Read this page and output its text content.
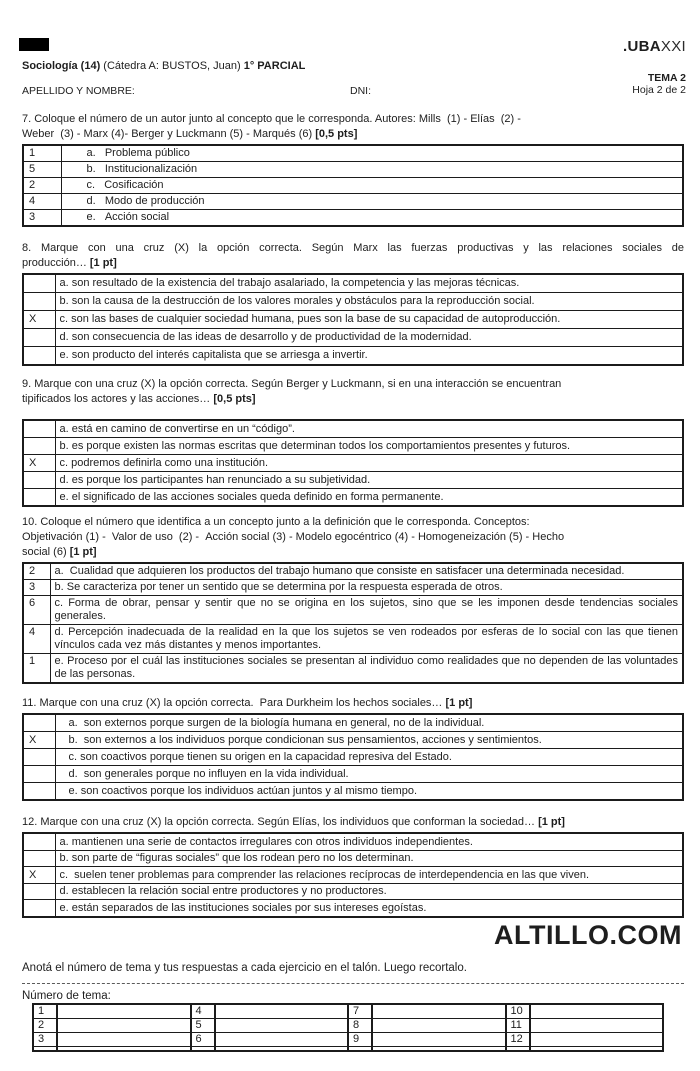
.UBAXXI
Sociología (14) (Cátedra A: BUSTOS, Juan) 1° PARCIAL
TEMA 2
Hoja 2 de 2
APELLIDO Y NOMBRE:	DNI:
7. Coloque el número de un autor junto al concepto que le corresponda. Autores: Mills  (1) - Elías  (2) -
Weber  (3) - Marx (4)- Berger y Luckmann (5) - Marqués (6) [0,5 pts]
1	a.   Problema público
5	b.   Institucionalización
2	c.   Cosificación
4	d.   Modo de producción
3	e.   Acción social
8. Marque con una cruz (X) la opción correcta. Según Marx las fuerzas productivas y las relaciones sociales de
producción… [1 pt]
	a. son resultado de la existencia del trabajo asalariado, la competencia y las mejoras técnicas.
	b. son la causa de la destrucción de los valores morales y obstáculos para la reproducción social.
X	c. son las bases de cualquier sociedad humana, pues son la base de su capacidad de autoproducción.
	d. son consecuencia de las ideas de desarrollo y de productividad de la modernidad.
	e. son producto del interés capitalista que se arriesga a invertir.
9. Marque con una cruz (X) la opción correcta. Según Berger y Luckmann, si en una interacción se encuentran
tipificados los actores y las acciones… [0,5 pts]
	a. está en camino de convertirse en un “código”.
	b. es porque existen las normas escritas que determinan todos los comportamientos presentes y futuros.
X	c. podremos definirla como una institución.
	d. es porque los participantes han renunciado a su subjetividad.
	e. el significado de las acciones sociales queda definido en forma permanente.
10. Coloque el número que identifica a un concepto junto a la definición que le corresponda. Conceptos:
Objetivación (1) -  Valor de uso  (2) -  Acción social (3) - Modelo egocéntrico (4) - Homogeneización (5) - Hecho
social (6) [1 pt]
2	a.  Cualidad que adquieren los productos del trabajo humano que consiste en satisfacer una determinada necesidad.
3	b. Se caracteriza por tener un sentido que se determina por la respuesta esperada de otros.
6	c. Forma de obrar, pensar y sentir que no se origina en los sujetos, sino que se les imponen desde tendencias sociales generales.
4	d. Percepción inadecuada de la realidad en la que los sujetos se ven rodeados por esferas de lo social con las que tienen vínculos cada vez más distantes y menos importantes.
1	e. Proceso por el cuál las instituciones sociales se presentan al individuo como realidades que no dependen de las voluntades de las personas.
11. Marque con una cruz (X) la opción correcta.  Para Durkheim los hechos sociales… [1 pt]
	a.  son externos porque surgen de la biología humana en general, no de la individual.
X	b.  son externos a los individuos porque condicionan sus pensamientos, acciones y sentimientos.
	c. son coactivos porque tienen su origen en la capacidad represiva del Estado.
	d.  son generales porque no influyen en la vida individual.
	e. son coactivos porque los individuos actúan juntos y al mismo tiempo.
12. Marque con una cruz (X) la opción correcta. Según Elías, los individuos que conforman la sociedad… [1 pt]
	a. mantienen una serie de contactos irregulares con otros individuos independientes.
	b. son parte de “figuras sociales” que los rodean pero no los determinan.
X	c.  suelen tener problemas para comprender las relaciones recíprocas de interdependencia en las que viven.
	d. establecen la relación social entre productores y no productores.
	e. están separados de las instituciones sociales por sus intereses egoístas.
ALTILLO.COM

Anotá el número de tema y tus respuestas a cada ejercicio en el talón. Luego recortalo.

Número de tema:
1		4		7		10	
2		5		8		11	
3		6		9		12	
